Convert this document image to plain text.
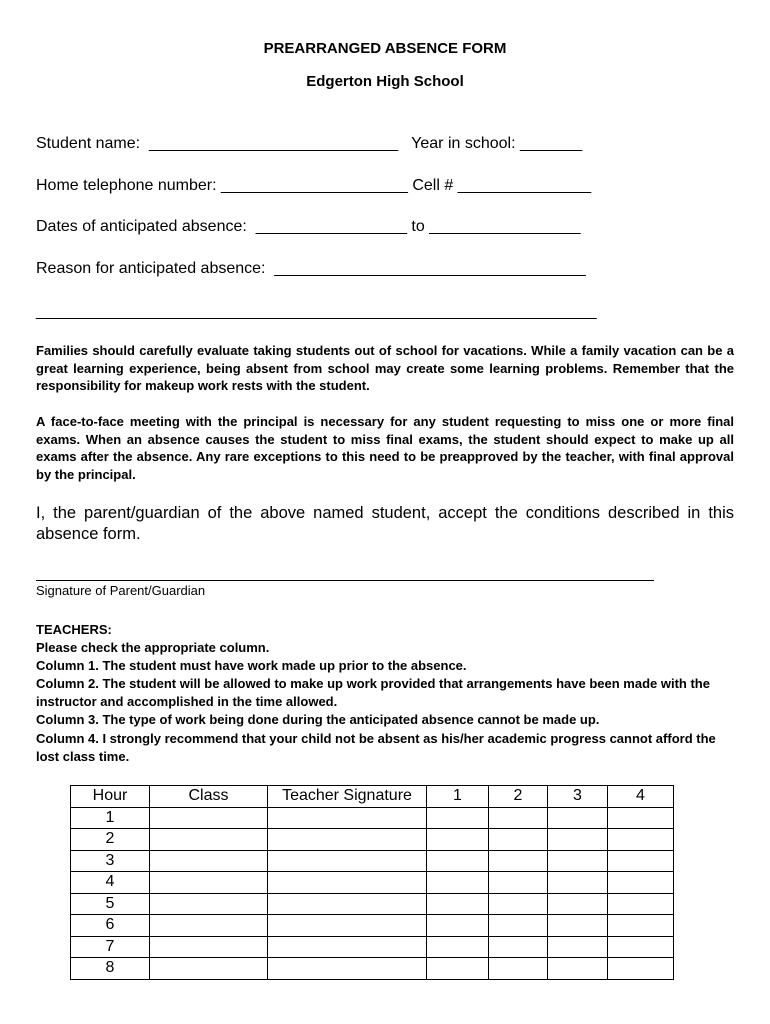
PREARRANGED ABSENCE FORM
Edgerton High School
Student name:  ____________________________   Year in school: _______
Home telephone number: _____________________ Cell # _______________
Dates of anticipated absence:  _________________ to _________________
Reason for anticipated absence:  ___________________________________
_______________________________________________________________
Families should carefully evaluate taking students out of school for vacations. While a family vacation can be a great learning experience, being absent from school may create some learning problems. Remember that the responsibility for makeup work rests with the student.
A face-to-face meeting with the principal is necessary for any student requesting to miss one or more final exams. When an absence causes the student to miss final exams, the student should expect to make up all exams after the absence. Any rare exceptions to this need to be preapproved by the teacher, with final approval by the principal.
I, the parent/guardian of the above named student, accept the conditions described in this absence form.
Signature of Parent/Guardian
TEACHERS:
Please check the appropriate column.
Column 1. The student must have work made up prior to the absence.
Column 2. The student will be allowed to make up work provided that arrangements have been made with the instructor and accomplished in the time allowed.
Column 3. The type of work being done during the anticipated absence cannot be made up.
Column 4. I strongly recommend that your child not be absent as his/her academic progress cannot afford the lost class time.
Hour	Class	Teacher Signature	1	2	3	4
1						
2						
3						
4						
5						
6						
7						
8						
